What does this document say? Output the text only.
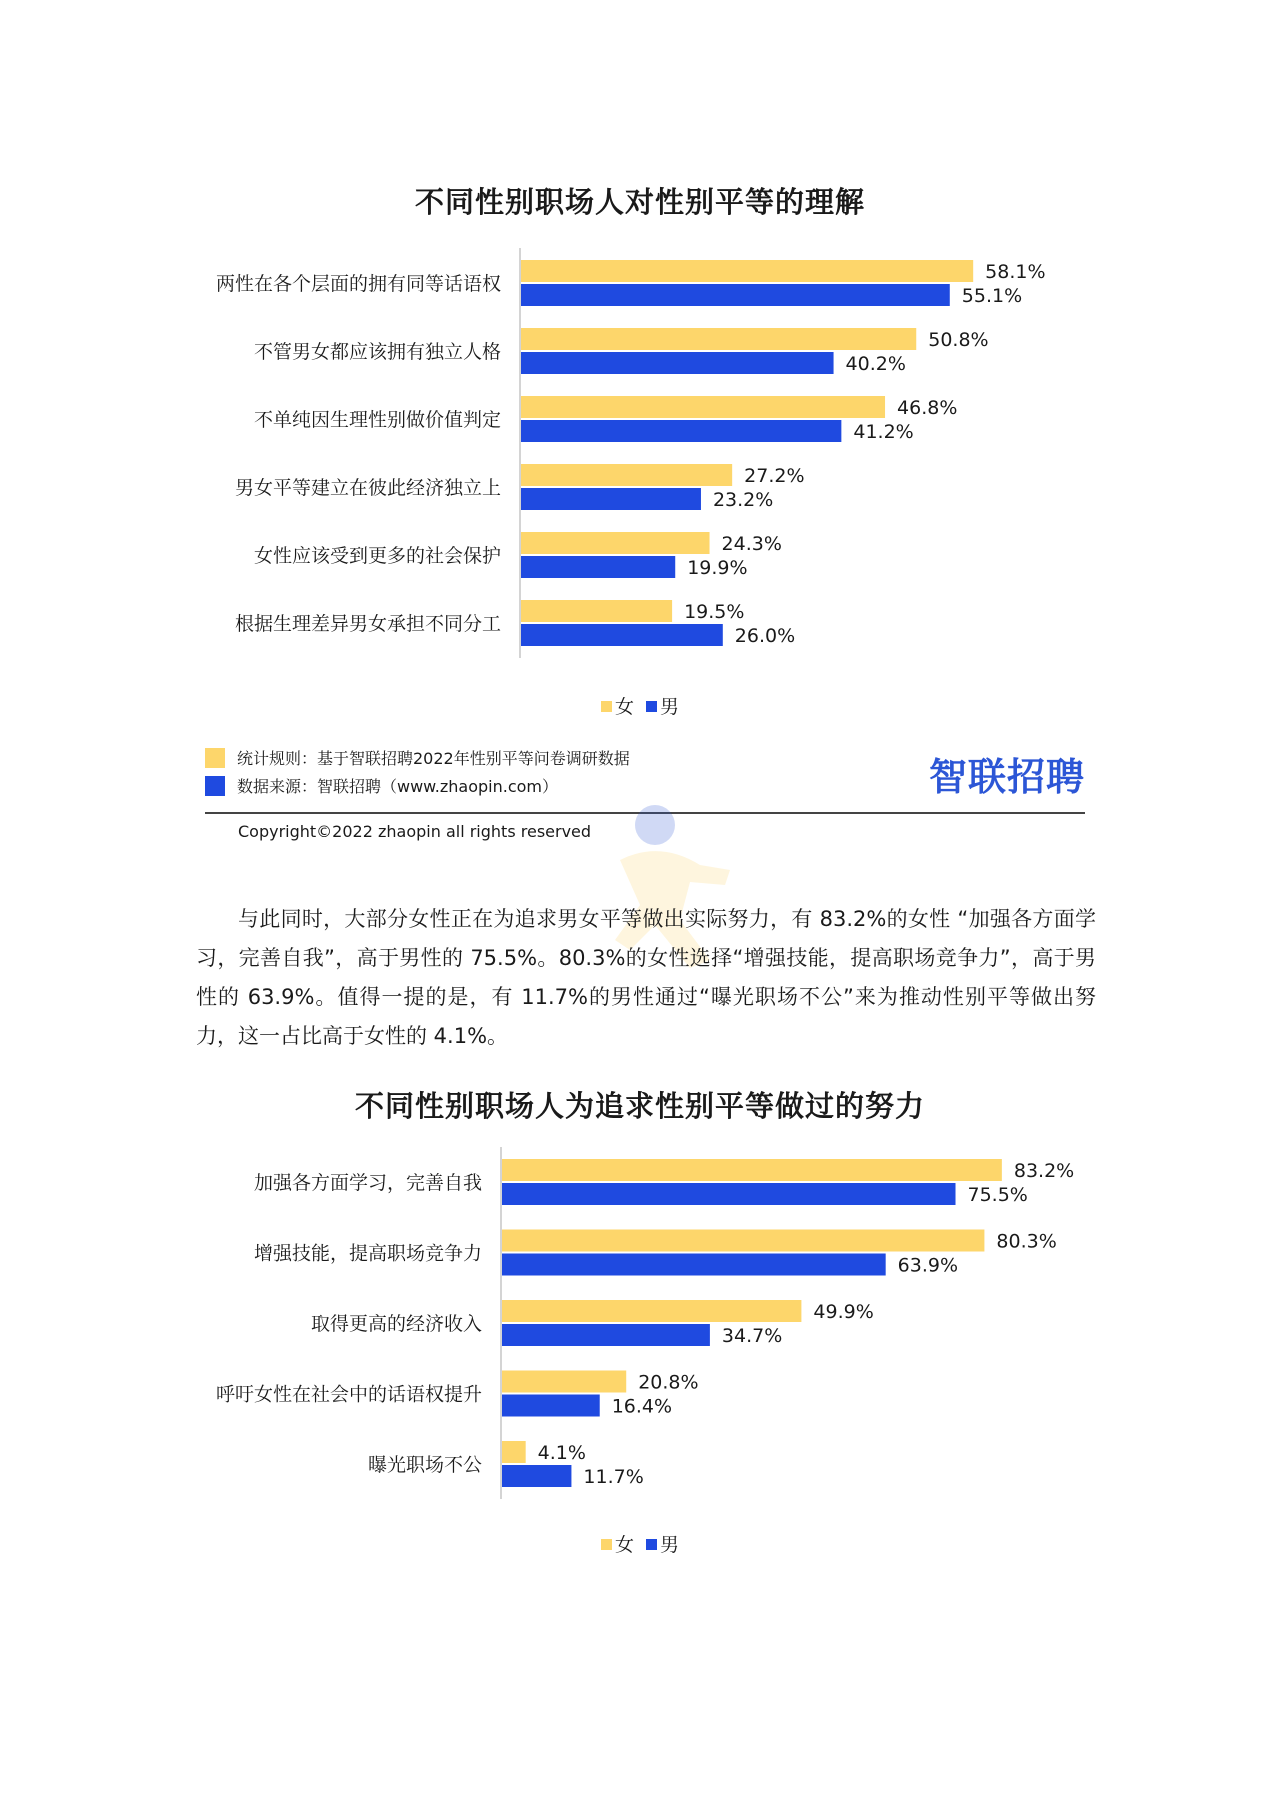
不同性别职场人对性别平等的理解
两性在各个层面的拥有同等话语权
58.1%
55.1%
不管男女都应该拥有独立人格
50.8%
40.2%
不单纯因生理性别做价值判定
46.8%
41.2%
男女平等建立在彼此经济独立上
27.2%
23.2%
女性应该受到更多的社会保护
24.3%
19.9%
根据生理差异男女承担不同分工
19.5%
26.0%
女 男
统计规则：基于智联招聘2022年性别平等问卷调研数据
数据来源：智联招聘（www.zhaopin.com）	智联招聘
Copyright©2022 zhaopin all rights reserved

与此同时，大部分女性正在为追求男女平等做出实际努力，有 83.2%的女性 “加强各方面学习，完善自我”，高于男性的 75.5%。80.3%的女性选择“增强技能，提高职场竞争力”，高于男性的 63.9%。值得一提的是，有 11.7%的男性通过“曝光职场不公”来为推动性别平等做出努力，这一占比高于女性的 4.1%。

不同性别职场人为追求性别平等做过的努力
加强各方面学习，完善自我
83.2%
75.5%
增强技能，提高职场竞争力
80.3%
63.9%
取得更高的经济收入
49.9%
34.7%
呼吁女性在社会中的话语权提升
20.8%
16.4%
曝光职场不公
4.1%
11.7%
女 男
